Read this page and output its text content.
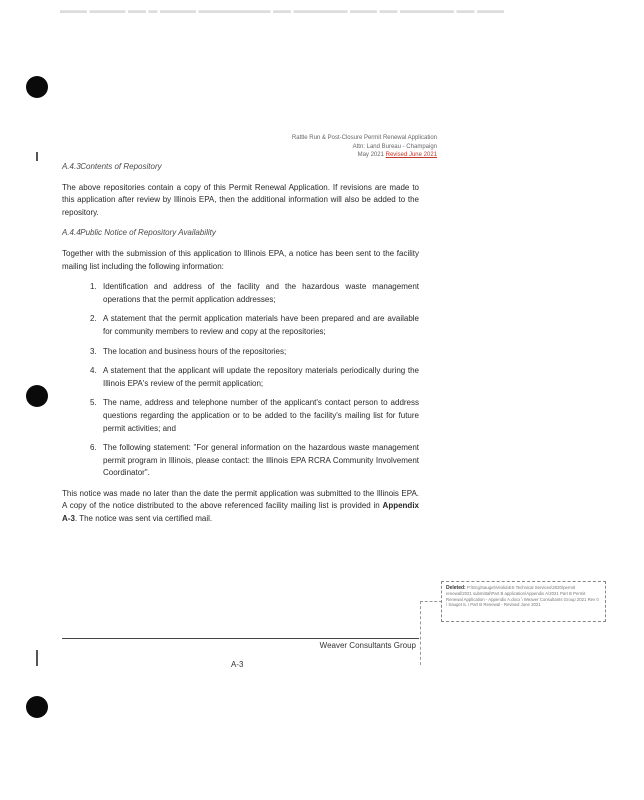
▬▬▬ ▬▬▬▬ ▬▬ ▬ ▬▬▬▬ ▬▬▬▬▬▬▬▬ ▬▬ ▬▬▬▬▬▬ ▬▬▬ ▬▬ ▬▬▬▬▬▬ ▬▬ ▬▬▬
Rattle Run & Post-Closure Permit Renewal Application
Attn: Land Bureau - Champaign
May 2021 Revised June 2021
A.4.3 Contents of Repository

The above repositories contain a copy of this Permit Renewal Application. If revisions are made to this application after review by Illinois EPA, then the additional information will also be added to the repository.

A.4.4 Public Notice of Repository Availability

Together with the submission of this application to Illinois EPA, a notice has been sent to the facility mailing list including the following information:

1. Identification and address of the facility and the hazardous waste management operations that the permit application addresses;
2. A statement that the permit application materials have been prepared and are available for community members to review and copy at the repositories;
3. The location and business hours of the repositories;
4. A statement that the applicant will update the repository materials periodically during the Illinois EPA's review of the permit application;
5. The name, address and telephone number of the applicant's contact person to address questions regarding the application or to be added to the facility's mailing list for future permit activities; and
6. The following statement: "For general information on the hazardous waste management permit program in Illinois, please contact: the Illinois EPA RCRA Community Involvement Coordinator".

This notice was made no later than the date the permit application was submitted to the Illinois EPA. A copy of the notice distributed to the above referenced facility mailing list is provided in Appendix A-3. The notice was sent via certified mail.

Deleted: P:\Eng\Sauget\Veolia\ES Technical Services\2020\permit renewal\2021 submittal\Part B application\Appendix A\2021 Part B Permit Renewal Application - Appendix A.docx \ Weaver Consultants Group 2021 Rev 0 \ Sauget IL \ Part B Renewal - Revised June 2021
Weaver Consultants Group
A-3
